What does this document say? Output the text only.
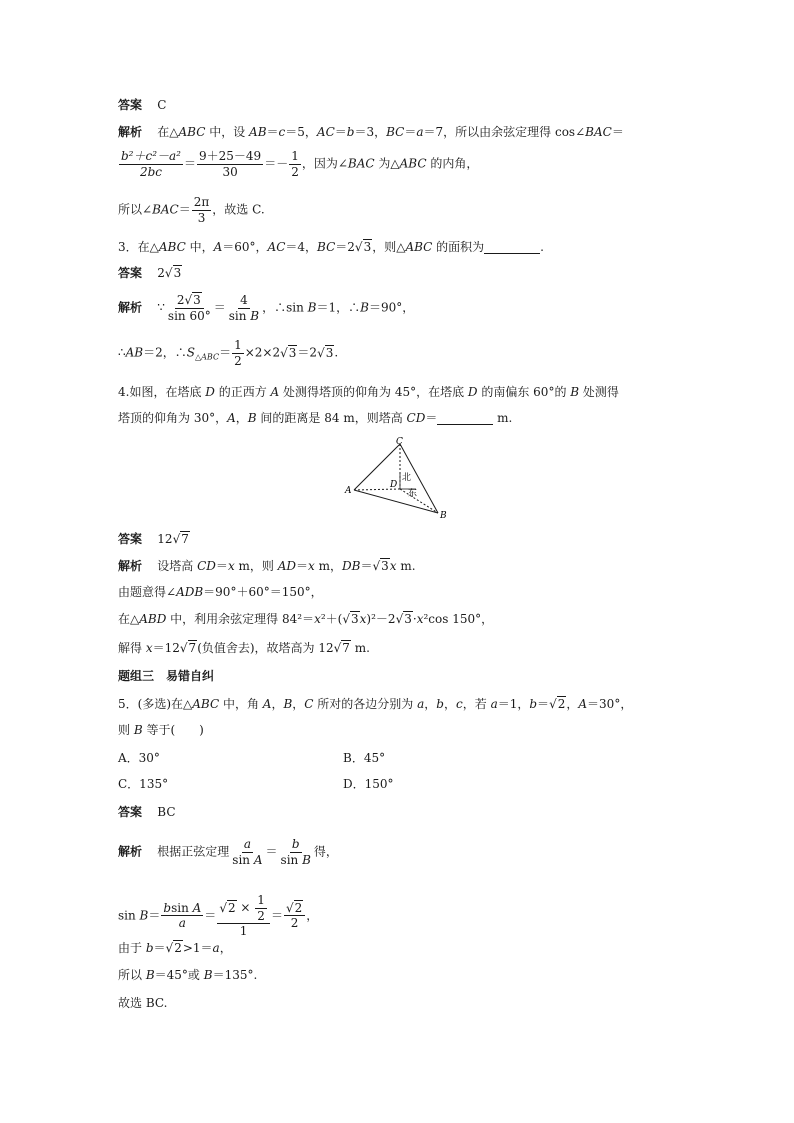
答案 C
解析 在△ABC 中，设 AB＝c＝5，AC＝b＝3，BC＝a＝7，所以由余弦定理得 cos∠BAC＝
$\frac{\text{b²＋c²－a²}}{2bc} = \frac{9+25-49}{30} =- \frac{1}{2}$ ，因为∠BAC 为△ABC 的内角，
所以∠BAC＝ $\frac{2\pi}{3}$ ，故选 C.
3．在△ABC 中，A＝60°，AC＝4，BC＝2√3，则△ABC 的面积为	.
答案 2√3
解析 ∵ $\frac{2√3}{\sin 60^\circ} = \frac{4}{\text{sin B}}$ ，∴sin B＝1，∴B＝90°，
∴AB＝2，$\therefore S_{\triangle ABC}= \frac{1}{2} \times 2\times 2√3=2√3$.
4.如图，在塔底 D 的正西方 A 处测得塔顶的仰角为 45°，在塔底 D 的南偏东 60°的 B 处测得
塔顶的仰角为 30°，A，B 间的距离是 84 m，则塔高 CD＝	m.
C
A
D
B
北
东
答案 12√7
解析 设塔高 CD＝x m，则 AD＝x m，DB＝√3x m.
由题意得∠ADB＝90°＋60°＝150°，
在△ABD 中，利用余弦定理得 84²＝x²＋(√3x)²－2√3·x²cos 150°，
解得 x＝12√7(负值舍去)，故塔高为 12√7 m.
题组三　易错自纠
5．(多选)在△ABC 中，角 A，B，C 所对的各边分别为 a，b，c，若 a＝1，b＝√2，A＝30°，
则 B 等于(　　)
A．30°	B．45°
C．135°	D．150°
答案 BC
解析 根据正弦定理 $\frac{a}{\text{sin A}} = \frac{b}{\text{sin B}}$ 得，
$\sin B= \frac{\text{bsin A}}{a} = \frac{√2 \times \frac{1}{2}}{1} = \frac{√2}{2}$ ，
由于 b＝√2>1＝a，
所以 B＝45°或 B＝135°.
故选 BC.
